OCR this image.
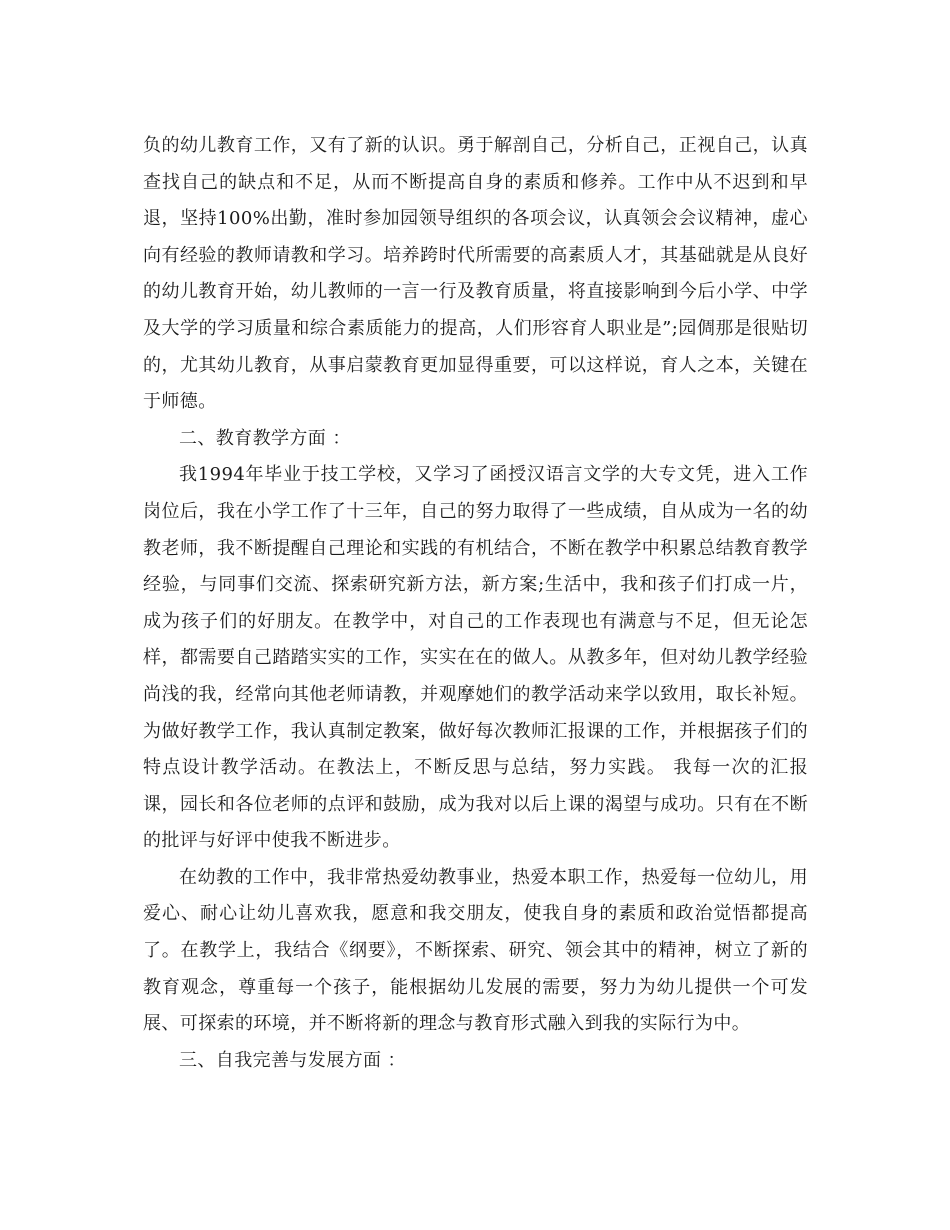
负的幼儿教育工作，又有了新的认识。勇于解剖自己，分析自己，正视自己，认真查找自己的缺点和不足，从而不断提高自身的素质和修养。工作中从不迟到和早退，坚持100%出勤，准时参加园领导组织的各项会议，认真领会会议精神，虚心向有经验的教师请教和学习。培养跨时代所需要的高素质人才，其基础就是从良好的幼儿教育开始，幼儿教师的一言一行及教育质量，将直接影响到今后小学、中学及大学的学习质量和综合素质能力的提高，人们形容育人职业是”;园倜那是很贴切的，尤其幼儿教育，从事启蒙教育更加显得重要，可以这样说，育人之本，关键在于师德。

二、教育教学方面 ：

我1994年毕业于技工学校，又学习了函授汉语言文学的大专文凭，进入工作岗位后，我在小学工作了十三年，自己的努力取得了一些成绩，自从成为一名的幼教老师，我不断提醒自己理论和实践的有机结合，不断在教学中积累总结教育教学经验，与同事们交流、探索研究新方法，新方案;生活中，我和孩子们打成一片，成为孩子们的好朋友。在教学中，对自己的工作表现也有满意与不足，但无论怎样，都需要自己踏踏实实的工作，实实在在的做人。从教多年，但对幼儿教学经验尚浅的我，经常向其他老师请教，并观摩她们的教学活动来学以致用，取长补短。为做好教学工作，我认真制定教案，做好每次教师汇报课的工作，并根据孩子们的特点设计教学活动。在教法上，不断反思与总结，努力实践。 我每一次的汇报课，园长和各位老师的点评和鼓励，成为我对以后上课的渴望与成功。只有在不断的批评与好评中使我不断进步。

在幼教的工作中，我非常热爱幼教事业，热爱本职工作，热爱每一位幼儿，用爱心、耐心让幼儿喜欢我，愿意和我交朋友，使我自身的素质和政治觉悟都提高了。在教学上，我结合《纲要》，不断探索、研究、领会其中的精神，树立了新的教育观念，尊重每一个孩子，能根据幼儿发展的需要，努力为幼儿提供一个可发展、可探索的环境，并不断将新的理念与教育形式融入到我的实际行为中。

三、自我完善与发展方面 ：
